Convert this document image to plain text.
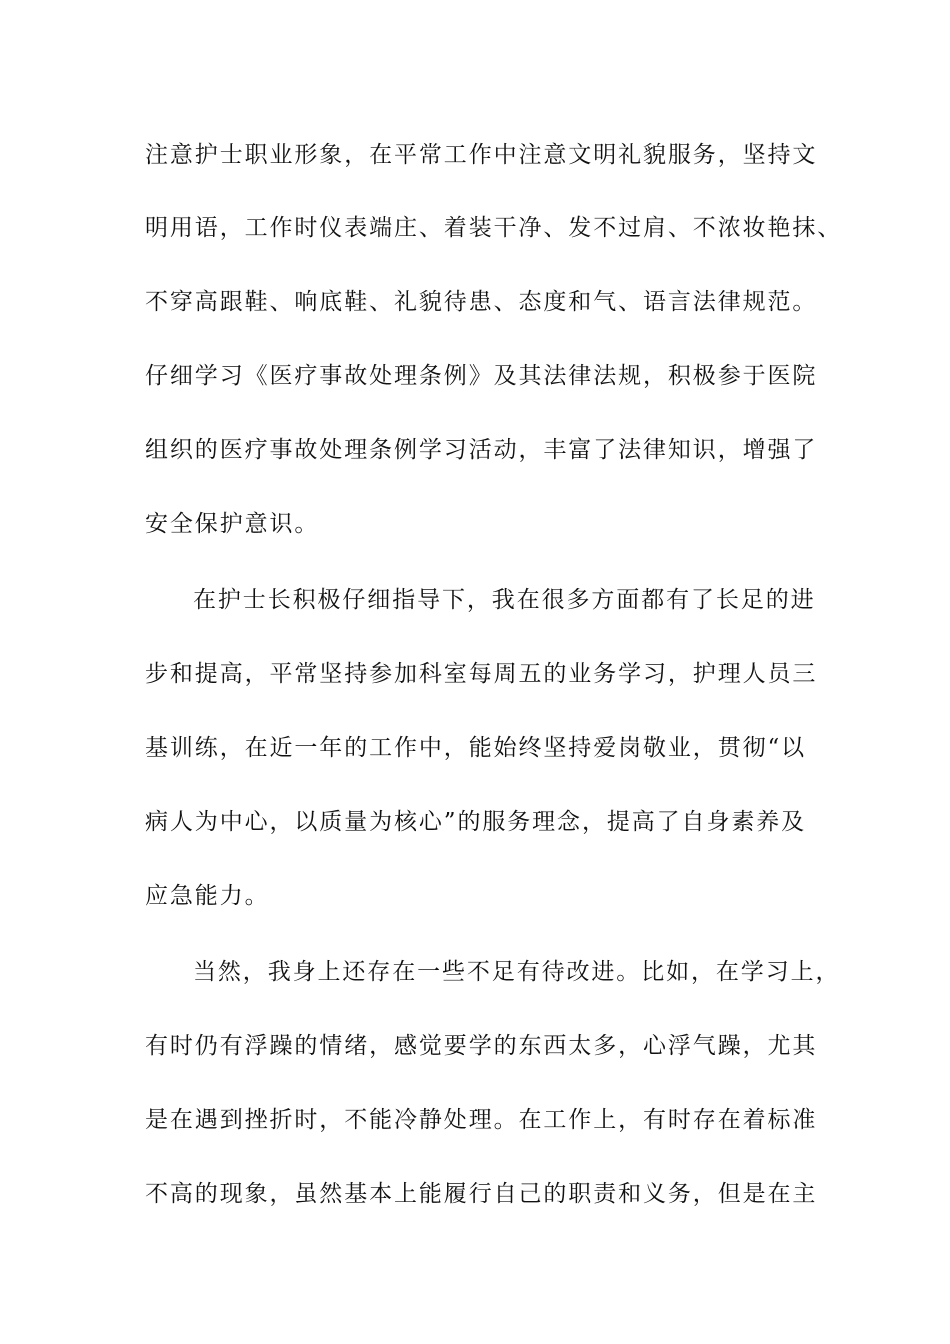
注意护士职业形象，在平常工作中注意文明礼貌服务，坚持文
明用语，工作时仪表端庄、着装干净、发不过肩、不浓妆艳抹、
不穿高跟鞋、响底鞋、礼貌待患、态度和气、语言法律规范。
仔细学习《医疗事故处理条例》及其法律法规，积极参于医院
组织的医疗事故处理条例学习活动，丰富了法律知识，增强了
安全保护意识。
在护士长积极仔细指导下，我在很多方面都有了长足的进
步和提高，平常坚持参加科室每周五的业务学习，护理人员三
基训练，在近一年的工作中，能始终坚持爱岗敬业，贯彻“以
病人为中心，以质量为核心”的服务理念，提高了自身素养及
应急能力。
当然，我身上还存在一些不足有待改进。比如，在学习上，
有时仍有浮躁的情绪，感觉要学的东西太多，心浮气躁，尤其
是在遇到挫折时，不能冷静处理。在工作上，有时存在着标准
不高的现象，虽然基本上能履行自己的职责和义务，但是在主
